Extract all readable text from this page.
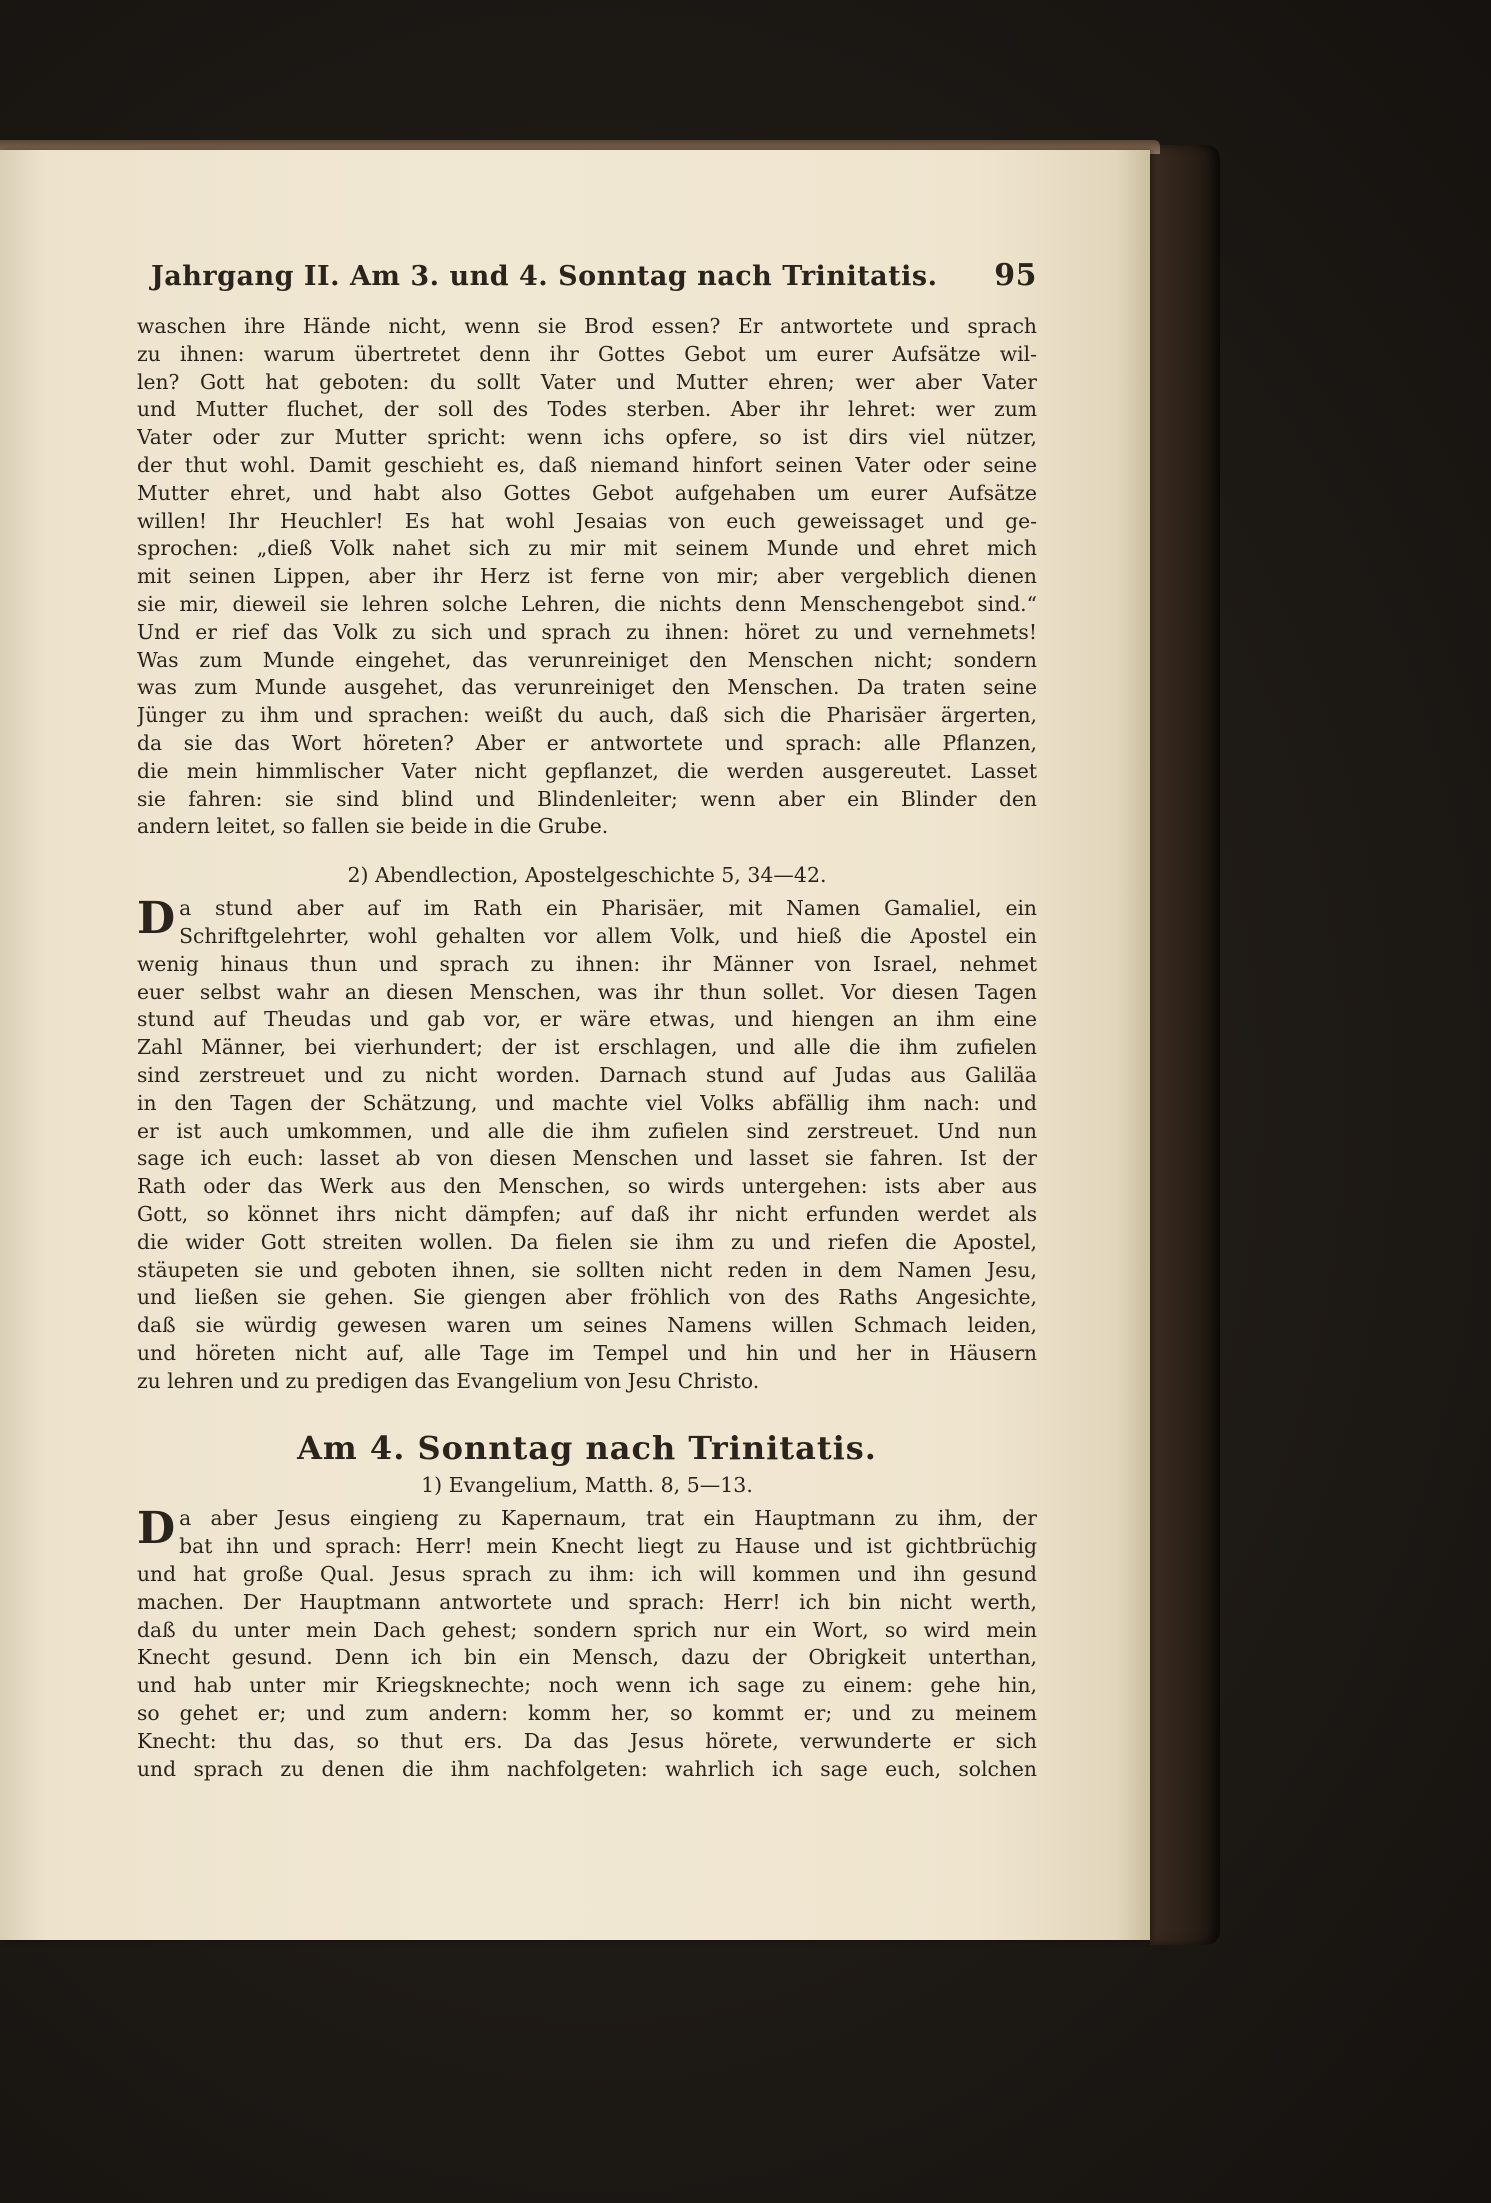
Jahrgang II. Am 3. und 4. Sonntag nach Trinitatis. 95
waschen ihre Hände nicht, wenn sie Brod essen? Er antwortete und sprach
zu ihnen: warum übertretet denn ihr Gottes Gebot um eurer Aufsätze wil-
len? Gott hat geboten: du sollt Vater und Mutter ehren; wer aber Vater
und Mutter fluchet, der soll des Todes sterben. Aber ihr lehret: wer zum
Vater oder zur Mutter spricht: wenn ichs opfere, so ist dirs viel nützer,
der thut wohl. Damit geschieht es, daß niemand hinfort seinen Vater oder seine
Mutter ehret, und habt also Gottes Gebot aufgehaben um eurer Aufsätze
willen! Ihr Heuchler! Es hat wohl Jesaias von euch geweissaget und ge-
sprochen: „dieß Volk nahet sich zu mir mit seinem Munde und ehret mich
mit seinen Lippen, aber ihr Herz ist ferne von mir; aber vergeblich dienen
sie mir, dieweil sie lehren solche Lehren, die nichts denn Menschengebot sind.“
Und er rief das Volk zu sich und sprach zu ihnen: höret zu und vernehmets!
Was zum Munde eingehet, das verunreiniget den Menschen nicht; sondern
was zum Munde ausgehet, das verunreiniget den Menschen. Da traten seine
Jünger zu ihm und sprachen: weißt du auch, daß sich die Pharisäer ärgerten,
da sie das Wort höreten? Aber er antwortete und sprach: alle Pflanzen,
die mein himmlischer Vater nicht gepflanzet, die werden ausgereutet. Lasset
sie fahren: sie sind blind und Blindenleiter; wenn aber ein Blinder den
andern leitet, so fallen sie beide in die Grube.
2) Abendlection, Apostelgeschichte 5, 34—42.
D a stund aber auf im Rath ein Pharisäer, mit Namen Gamaliel, ein
Schriftgelehrter, wohl gehalten vor allem Volk, und hieß die Apostel ein
wenig hinaus thun und sprach zu ihnen: ihr Männer von Israel, nehmet
euer selbst wahr an diesen Menschen, was ihr thun sollet. Vor diesen Tagen
stund auf Theudas und gab vor, er wäre etwas, und hiengen an ihm eine
Zahl Männer, bei vierhundert; der ist erschlagen, und alle die ihm zufielen
sind zerstreuet und zu nicht worden. Darnach stund auf Judas aus Galiläa
in den Tagen der Schätzung, und machte viel Volks abfällig ihm nach: und
er ist auch umkommen, und alle die ihm zufielen sind zerstreuet. Und nun
sage ich euch: lasset ab von diesen Menschen und lasset sie fahren. Ist der
Rath oder das Werk aus den Menschen, so wirds untergehen: ists aber aus
Gott, so könnet ihrs nicht dämpfen; auf daß ihr nicht erfunden werdet als
die wider Gott streiten wollen. Da fielen sie ihm zu und riefen die Apostel,
stäupeten sie und geboten ihnen, sie sollten nicht reden in dem Namen Jesu,
und ließen sie gehen. Sie giengen aber fröhlich von des Raths Angesichte,
daß sie würdig gewesen waren um seines Namens willen Schmach leiden,
und höreten nicht auf, alle Tage im Tempel und hin und her in Häusern
zu lehren und zu predigen das Evangelium von Jesu Christo.
Am 4. Sonntag nach Trinitatis.
1) Evangelium, Matth. 8, 5—13.
D a aber Jesus eingieng zu Kapernaum, trat ein Hauptmann zu ihm, der
bat ihn und sprach: Herr! mein Knecht liegt zu Hause und ist gichtbrüchig
und hat große Qual. Jesus sprach zu ihm: ich will kommen und ihn gesund
machen. Der Hauptmann antwortete und sprach: Herr! ich bin nicht werth,
daß du unter mein Dach gehest; sondern sprich nur ein Wort, so wird mein
Knecht gesund. Denn ich bin ein Mensch, dazu der Obrigkeit unterthan,
und hab unter mir Kriegsknechte; noch wenn ich sage zu einem: gehe hin,
so gehet er; und zum andern: komm her, so kommt er; und zu meinem
Knecht: thu das, so thut ers. Da das Jesus hörete, verwunderte er sich
und sprach zu denen die ihm nachfolgeten: wahrlich ich sage euch, solchen
